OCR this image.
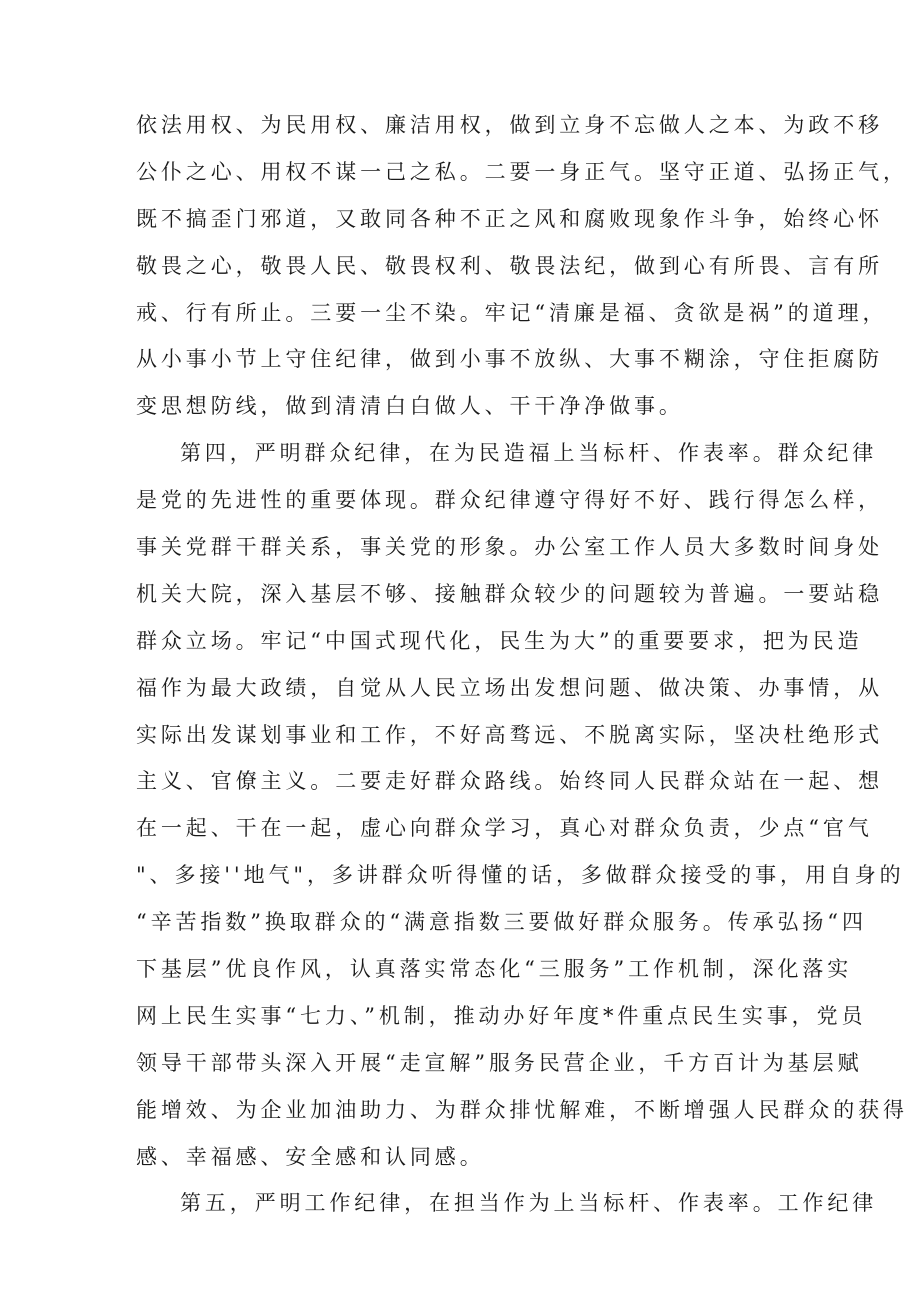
依法用权、为民用权、廉洁用权，做到立身不忘做人之本、为政不移
公仆之心、用权不谋一己之私。二要一身正气。坚守正道、弘扬正气，
既不搞歪门邪道，又敢同各种不正之风和腐败现象作斗争，始终心怀
敬畏之心，敬畏人民、敬畏权利、敬畏法纪，做到心有所畏、言有所
戒、行有所止。三要一尘不染。牢记“清廉是福、贪欲是祸”的道理，
从小事小节上守住纪律，做到小事不放纵、大事不糊涂，守住拒腐防
变思想防线，做到清清白白做人、干干净净做事。
第四，严明群众纪律，在为民造福上当标杆、作表率。群众纪律
是党的先进性的重要体现。群众纪律遵守得好不好、践行得怎么样，
事关党群干群关系，事关党的形象。办公室工作人员大多数时间身处
机关大院，深入基层不够、接触群众较少的问题较为普遍。一要站稳
群众立场。牢记“中国式现代化，民生为大”的重要要求，把为民造
福作为最大政绩，自觉从人民立场出发想问题、做决策、办事情，从
实际出发谋划事业和工作，不好高骛远、不脱离实际，坚决杜绝形式
主义、官僚主义。二要走好群众路线。始终同人民群众站在一起、想
在一起、干在一起，虚心向群众学习，真心对群众负责，少点“官气
"、多接''地气"，多讲群众听得懂的话，多做群众接受的事，用自身的
“辛苦指数”换取群众的“满意指数三要做好群众服务。传承弘扬“四
下基层”优良作风，认真落实常态化“三服务”工作机制，深化落实
网上民生实事“七力、”机制，推动办好年度*件重点民生实事，党员
领导干部带头深入开展“走宣解”服务民营企业，千方百计为基层赋
能增效、为企业加油助力、为群众排忧解难，不断增强人民群众的获得
感、幸福感、安全感和认同感。
第五，严明工作纪律，在担当作为上当标杆、作表率。工作纪律
